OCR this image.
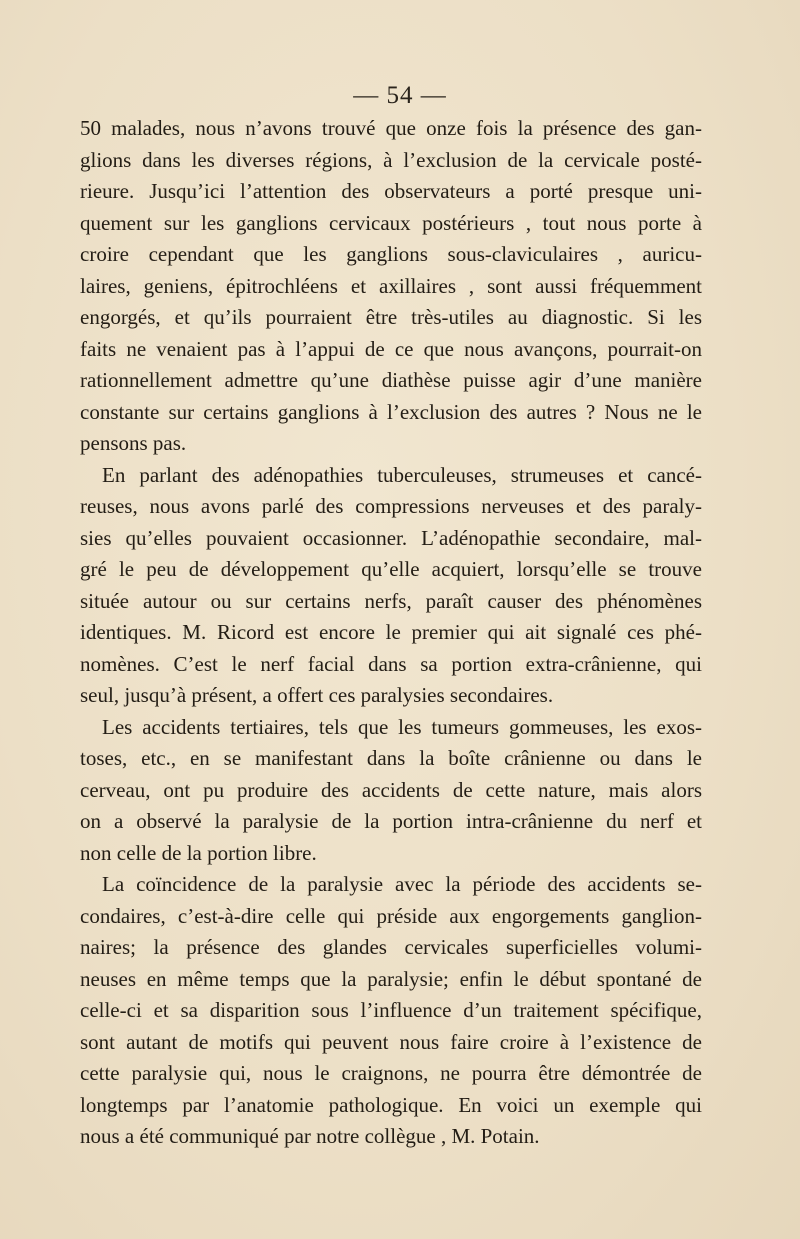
— 54 —
50 malades, nous n’avons trouvé que onze fois la présence des gan-
glions dans les diverses régions, à l’exclusion de la cervicale posté-
rieure. Jusqu’ici l’attention des observateurs a porté presque uni-
quement sur les ganglions cervicaux postérieurs , tout nous porte à
croire cependant que les ganglions sous-claviculaires , auricu-
laires, geniens, épitrochléens et axillaires , sont aussi fréquemment
engorgés, et qu’ils pourraient être très-utiles au diagnostic. Si les
faits ne venaient pas à l’appui de ce que nous avançons, pourrait-on
rationnellement admettre qu’une diathèse puisse agir d’une manière
constante sur certains ganglions à l’exclusion des autres ? Nous ne le
pensons pas.
En parlant des adénopathies tuberculeuses, strumeuses et cancé-
reuses, nous avons parlé des compressions nerveuses et des paraly-
sies qu’elles pouvaient occasionner. L’adénopathie secondaire, mal-
gré le peu de développement qu’elle acquiert, lorsqu’elle se trouve
située autour ou sur certains nerfs, paraît causer des phénomènes
identiques. M. Ricord est encore le premier qui ait signalé ces phé-
nomènes. C’est le nerf facial dans sa portion extra-crânienne, qui
seul, jusqu’à présent, a offert ces paralysies secondaires.
Les accidents tertiaires, tels que les tumeurs gommeuses, les exos-
toses, etc., en se manifestant dans la boîte crânienne ou dans le
cerveau, ont pu produire des accidents de cette nature, mais alors
on a observé la paralysie de la portion intra-crânienne du nerf et
non celle de la portion libre.
La coïncidence de la paralysie avec la période des accidents se-
condaires, c’est-à-dire celle qui préside aux engorgements ganglion-
naires; la présence des glandes cervicales superficielles volumi-
neuses en même temps que la paralysie; enfin le début spontané de
celle-ci et sa disparition sous l’influence d’un traitement spécifique,
sont autant de motifs qui peuvent nous faire croire à l’existence de
cette paralysie qui, nous le craignons, ne pourra être démontrée de
longtemps par l’anatomie pathologique. En voici un exemple qui
nous a été communiqué par notre collègue , M. Potain.
